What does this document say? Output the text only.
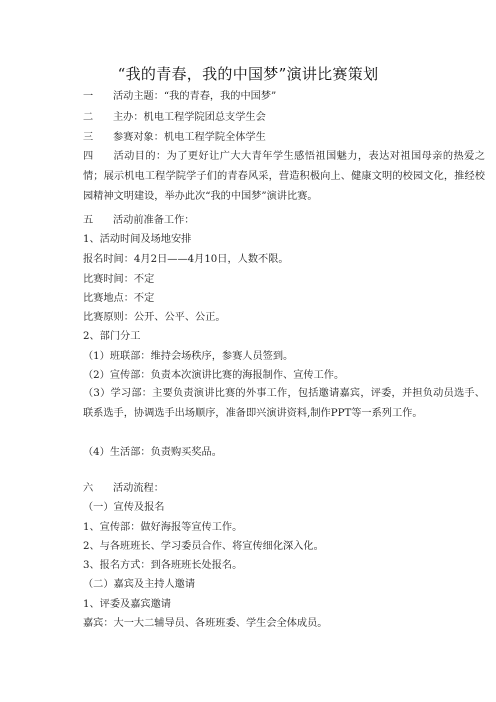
“我的青春，我的中国梦”演讲比赛策划
一 活动主题：“我的青春，我的中国梦”
二 主办：机电工程学院团总支学生会
三 参赛对象：机电工程学院全体学生
四 活动目的：为了更好让广大大青年学生感悟祖国魅力，表达对祖国母亲的热爱之情；展示机电工程学院学子们的青春风采，营造积极向上、健康文明的校园文化，推经校园精神文明建设，举办此次“我的中国梦”演讲比赛。
五 活动前准备工作：
1、活动时间及场地安排
报名时间：4月2日——4月10日，人数不限。
比赛时间：不定
比赛地点：不定
比赛原则：公开、公平、公正。
2、部门分工
（1）班联部：维持会场秩序，参赛人员签到。
（2）宣传部：负责本次演讲比赛的海报制作、宣传工作。
（3）学习部：主要负责演讲比赛的外事工作，包括邀请嘉宾，评委，并担负动员选手、联系选手，协调选手出场顺序，准备即兴演讲资料,制作PPT等一系列工作。
（4）生活部：负责购买奖品。
六 活动流程：
（一）宣传及报名
1、宣传部：做好海报等宣传工作。
2、与各班班长、学习委员合作、将宣传细化深入化。
3、报名方式：到各班班长处报名。
（二）嘉宾及主持人邀请
1、评委及嘉宾邀请
嘉宾：大一大二辅导员、各班班委、学生会全体成员。
